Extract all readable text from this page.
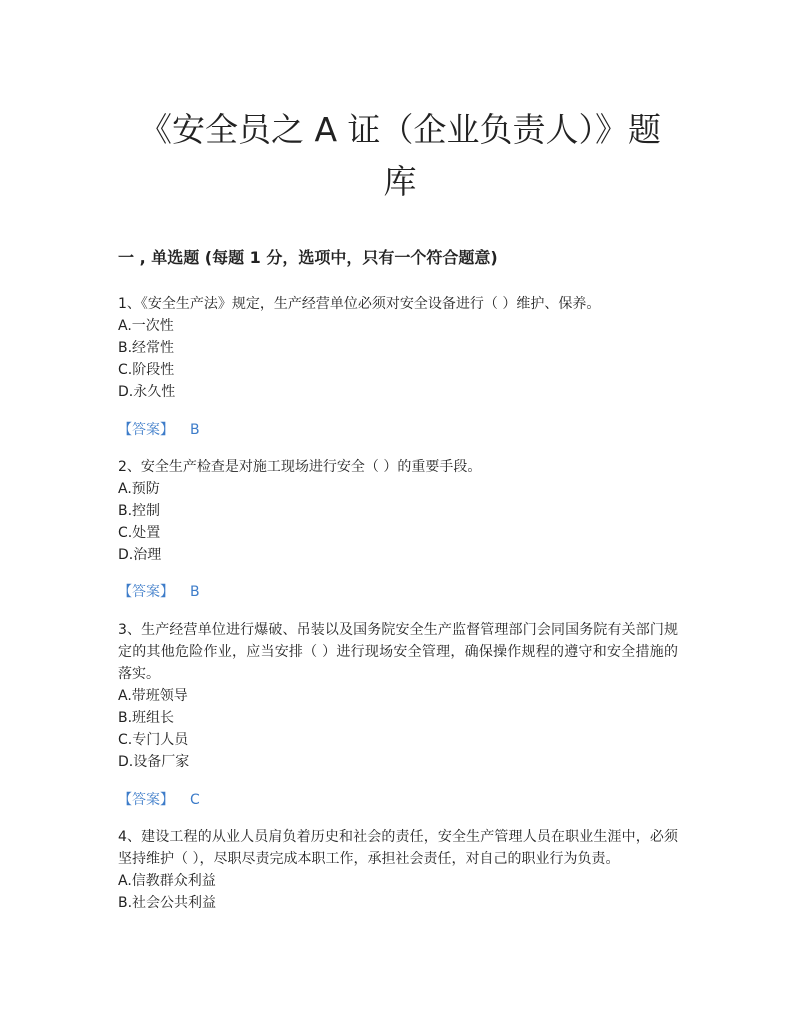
《安全员之 A 证（企业负责人）》题
库
一 , 单选题 (每题 1 分，选项中，只有一个符合题意)

1、《安全生产法》规定，生产经营单位必须对安全设备进行（ ）维护、保养。

A.一次性

B.经常性

C.阶段性

D.永久性

【答案】 B

2、安全生产检查是对施工现场进行安全（ ）的重要手段。

A.预防

B.控制

C.处置

D.治理

【答案】 B

3、生产经营单位进行爆破、吊装以及国务院安全生产监督管理部门会同国务院有关部门规定的其他危险作业，应当安排（ ）进行现场安全管理，确保操作规程的遵守和安全措施的落实。

A.带班领导

B.班组长

C.专门人员

D.设备厂家

【答案】 C

4、建设工程的从业人员肩负着历史和社会的责任，安全生产管理人员在职业生涯中，必须坚持维护（ ），尽职尽责完成本职工作，承担社会责任，对自己的职业行为负责。

A.信教群众利益

B.社会公共利益
